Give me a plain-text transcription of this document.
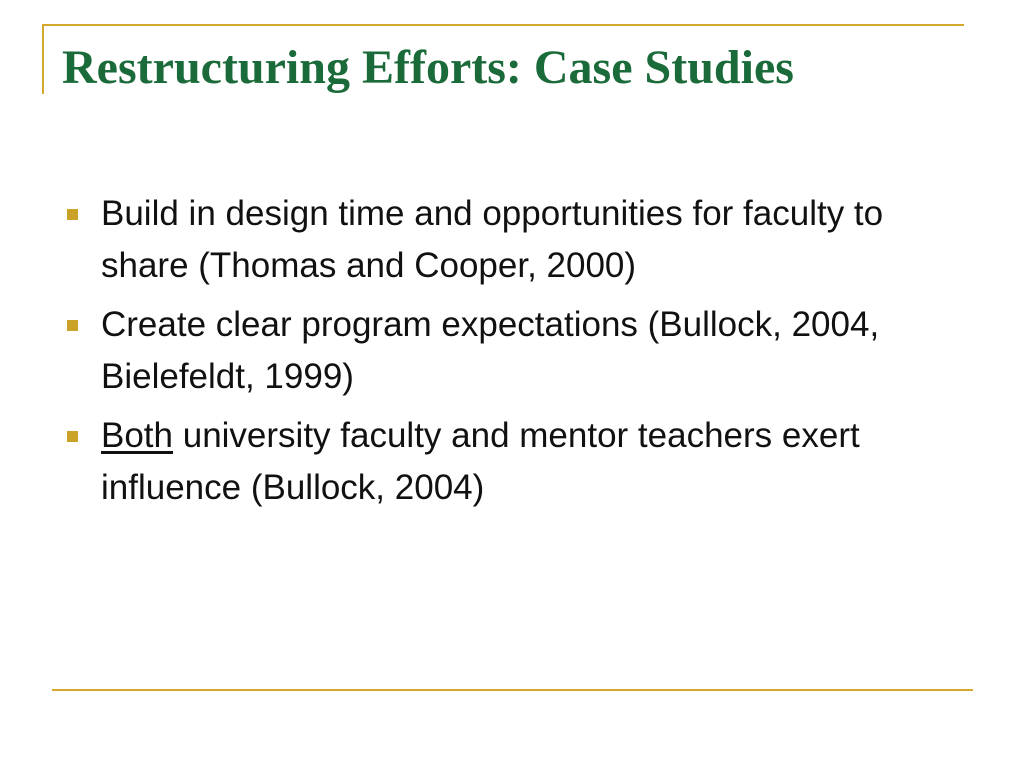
Restructuring Efforts: Case Studies
Build in design time and opportunities for faculty to share (Thomas and Cooper, 2000)
Create clear program expectations (Bullock, 2004, Bielefeldt, 1999)
Both university faculty and mentor teachers exert influence (Bullock, 2004)
